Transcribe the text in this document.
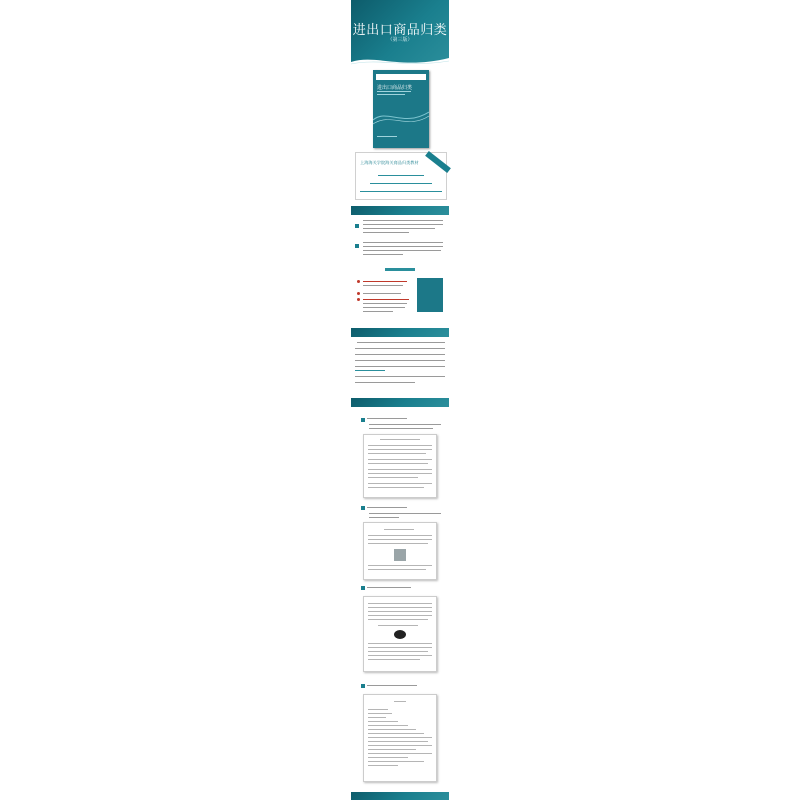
进出口商品归类
（第三版）
进出口商品归类
上海海关学院海关商品归类教材
